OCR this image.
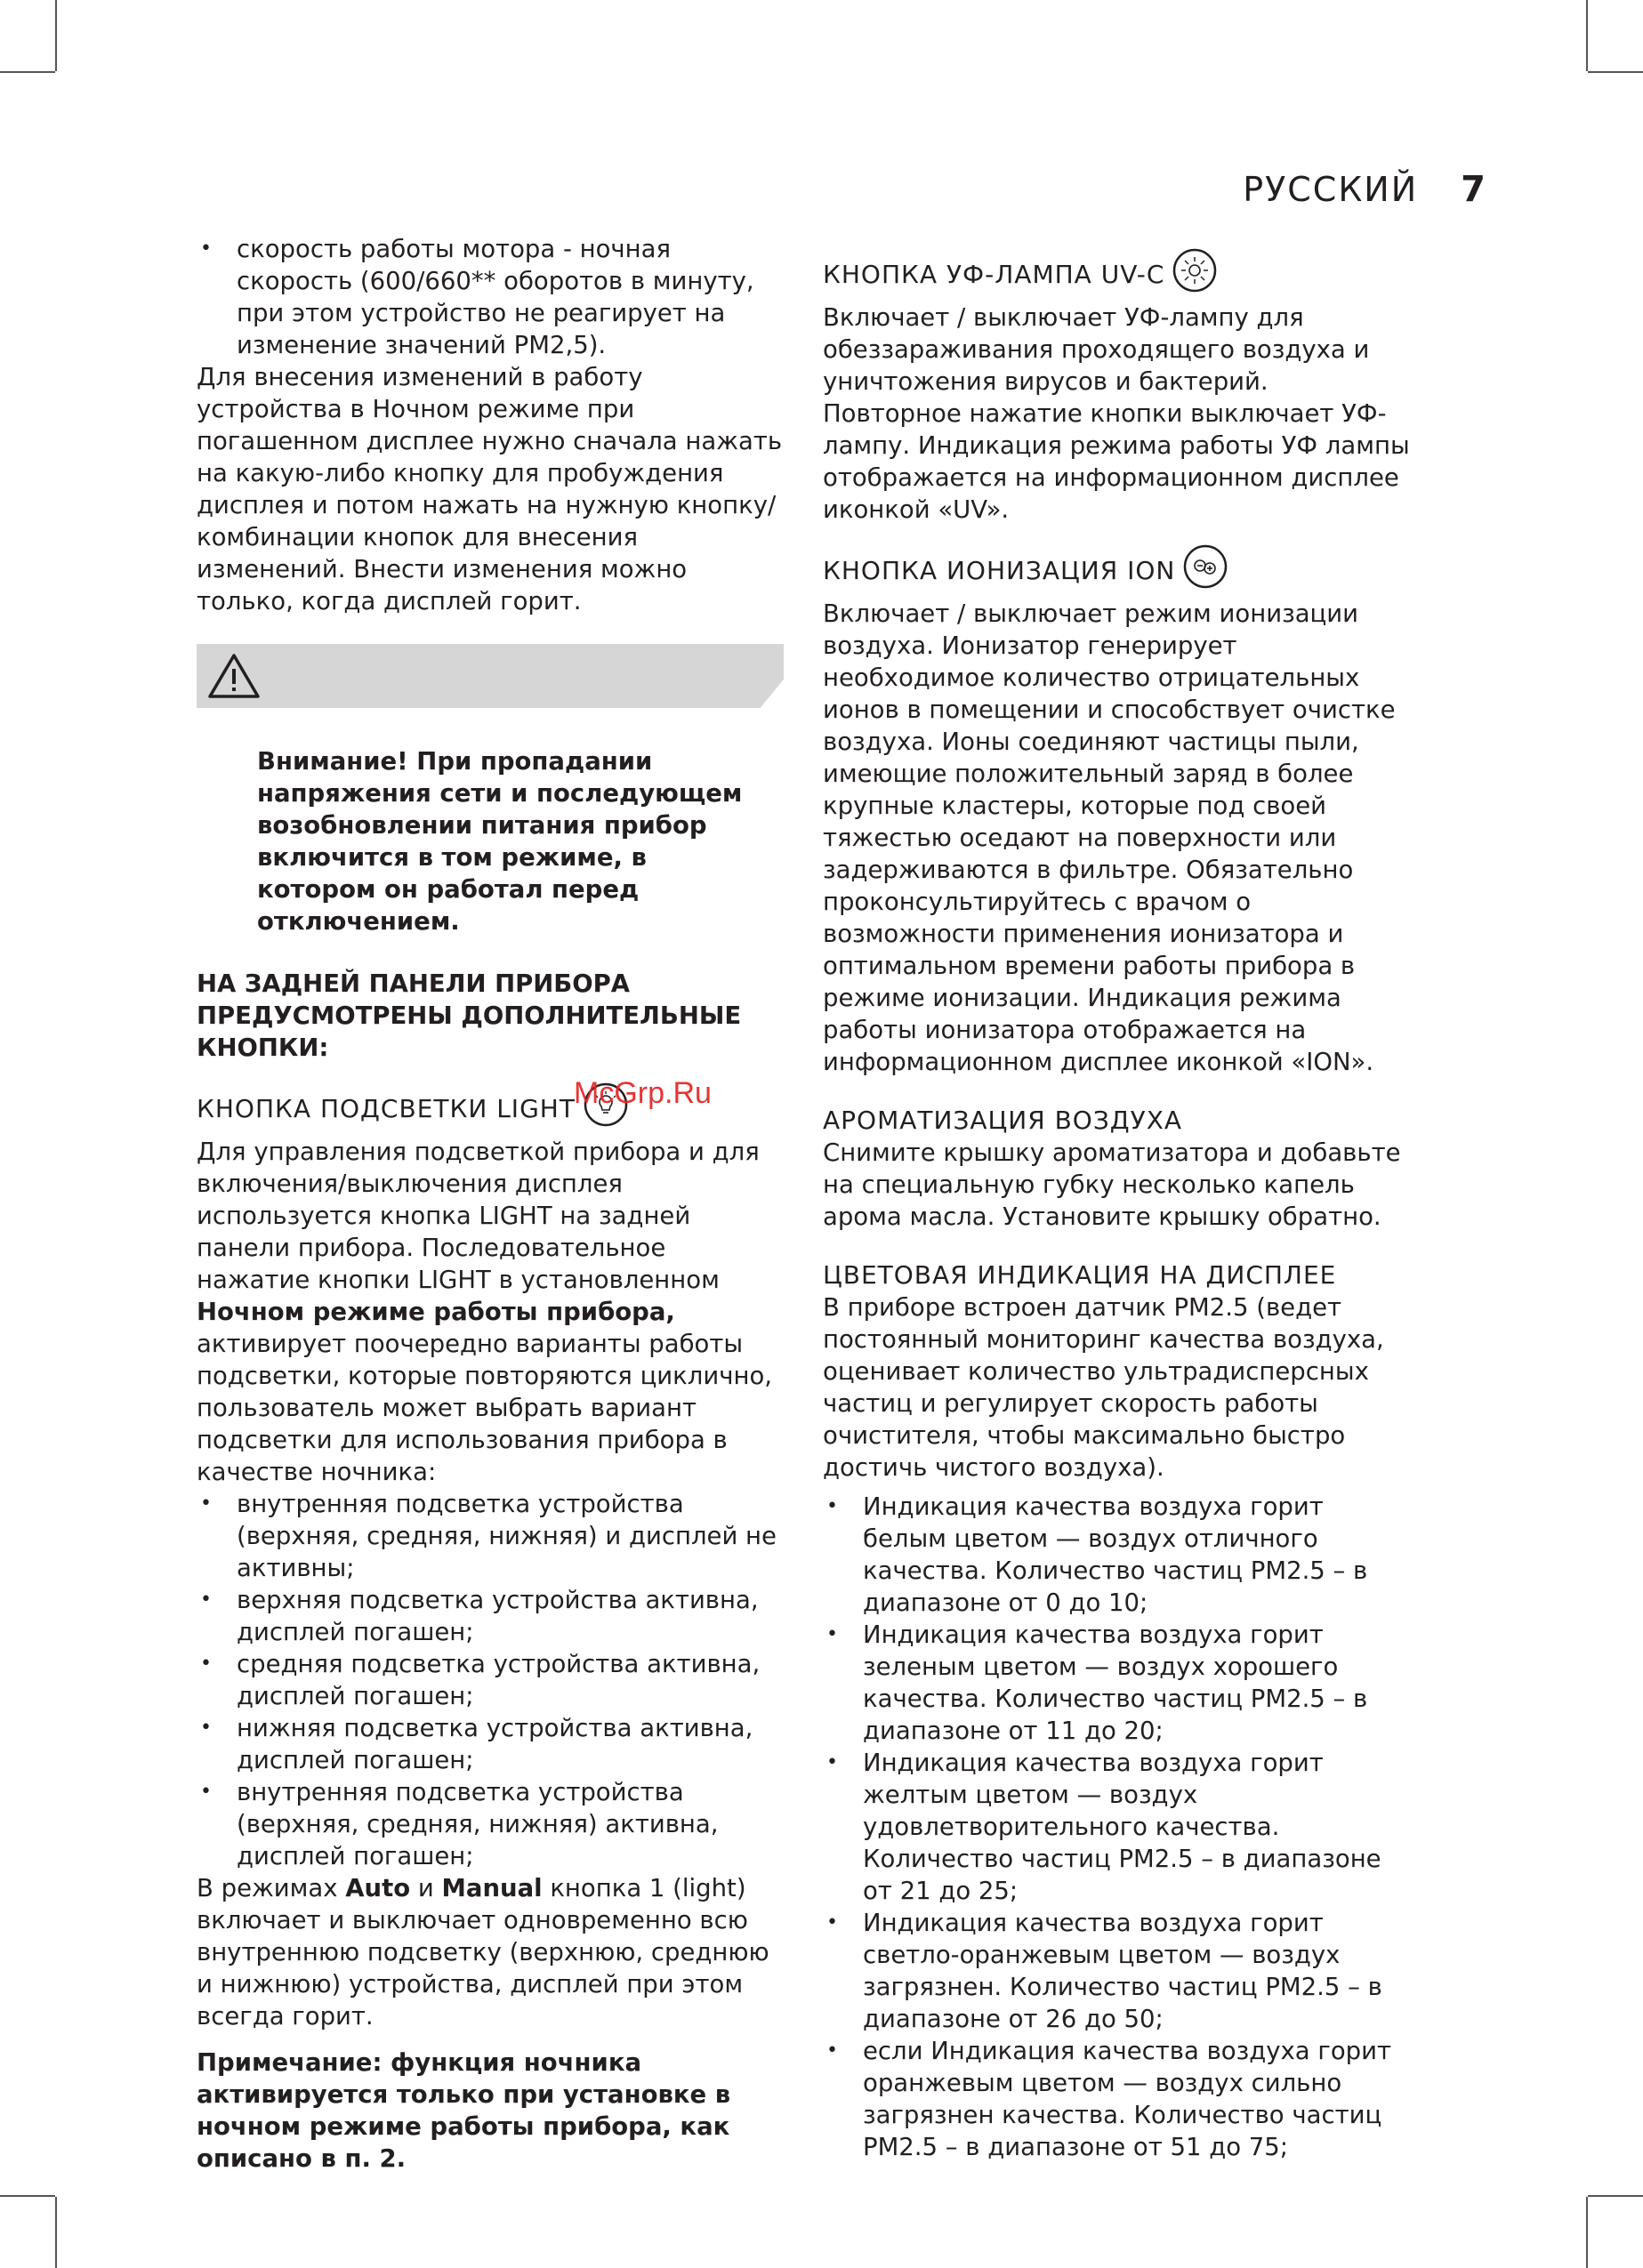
РУССКИЙ 7
• скорость работы мотора - ночная скорость (600/660** оборотов в минуту, при этом устройство не реагирует на изменение значений PM2,5).

Для внесения изменений в работу устройства в Ночном режиме при погашенном дисплее нужно сначала нажать на какую-либо кнопку для пробуждения дисплея и потом нажать на нужную кнопку/комбинации кнопок для внесения изменений. Внести изменения можно только, когда дисплей горит.

Внимание! При пропадании напряжения сети и последующем возобновлении питания прибор включится в том режиме, в котором он работал перед отключением.

НА ЗАДНЕЙ ПАНЕЛИ ПРИБОРА ПРЕДУСМОТРЕНЫ ДОПОЛНИТЕЛЬНЫЕ КНОПКИ:

КНОПКА ПОДСВЕТКИ LIGHT

Для управления подсветкой прибора и для включения/выключения дисплея используется кнопка LIGHT на задней панели прибора. Последовательное нажатие кнопки LIGHT в установленном Ночном режиме работы прибора, активирует поочередно варианты работы подсветки, которые повторяются циклично, пользователь может выбрать вариант подсветки для использования прибора в качестве ночника:

• внутренняя подсветка устройства (верхняя, средняя, нижняя) и дисплей не активны;
• верхняя подсветка устройства активна, дисплей погашен;
• средняя подсветка устройства активна, дисплей погашен;
• нижняя подсветка устройства активна, дисплей погашен;
• внутренняя подсветка устройства (верхняя, средняя, нижняя) активна, дисплей погашен;

В режимах Auto и Manual кнопка 1 (light) включает и выключает одновременно всю внутреннюю подсветку (верхнюю, среднюю и нижнюю) устройства, дисплей при этом всегда горит.

Примечание: функция ночника активируется только при установке в ночном режиме работы прибора, как описано в п. 2.

КНОПКА УФ-ЛАМПА UV-C

Включает / выключает УФ-лампу для обеззараживания проходящего воздуха и уничтожения вирусов и бактерий. Повторное нажатие кнопки выключает УФ-лампу. Индикация режима работы УФ лампы отображается на информационном дисплее иконкой «UV».

КНОПКА ИОНИЗАЦИЯ ION

Включает / выключает режим ионизации воздуха. Ионизатор генерирует необходимое количество отрицательных ионов в помещении и способствует очистке воздуха. Ионы соединяют частицы пыли, имеющие положительный заряд в более крупные кластеры, которые под своей тяжестью оседают на поверхности или задерживаются в фильтре. Обязательно проконсультируйтесь с врачом о возможности применения ионизатора и оптимальном времени работы прибора в режиме ионизации. Индикация режима работы ионизатора отображается на информационном дисплее иконкой «ION».

АРОМАТИЗАЦИЯ ВОЗДУХА

Снимите крышку ароматизатора и добавьте на специальную губку несколько капель арома масла. Установите крышку обратно.

ЦВЕТОВАЯ ИНДИКАЦИЯ НА ДИСПЛЕЕ

В приборе встроен датчик PM2.5 (ведет постоянный мониторинг качества воздуха, оценивает количество ультрадисперсных частиц и регулирует скорость работы очистителя, чтобы максимально быстро достичь чистого воздуха).

• Индикация качества воздуха горит белым цветом — воздух отличного качества. Количество частиц PM2.5 – в диапазоне от 0 до 10;
• Индикация качества воздуха горит зеленым цветом — воздух хорошего качества. Количество частиц PM2.5 – в диапазоне от 11 до 20;
• Индикация качества воздуха горит желтым цветом — воздух удовлетворительного качества. Количество частиц PM2.5 – в диапазоне от 21 до 25;
• Индикация качества воздуха горит светло-оранжевым цветом — воздух загрязнен. Количество частиц PM2.5 – в диапазоне от 26 до 50;
• если Индикация качества воздуха горит оранжевым цветом — воздух сильно загрязнен качества. Количество частиц PM2.5 – в диапазоне от 51 до 75;
McGrp.Ru
